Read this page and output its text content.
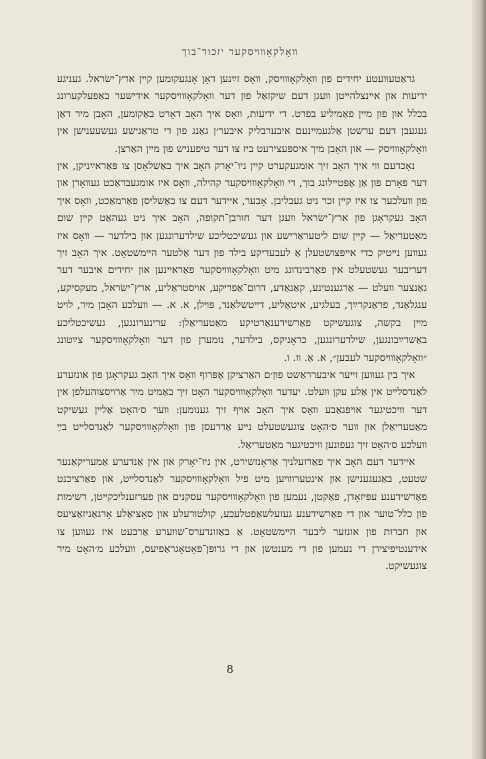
װאָלקאָװױסקער יזכור־בוך

גראַטעװעטע יחידים פון װאָלקאָװױסק, װאָס זײַנען דאָן אָנגעקומען קײן ארץ־ישׂראל. געניגע ידיעות און אײנצלהײטן װעגן דעם שיקזאַל פון דער װאָלקאָװױסקער אידישער באַפעלקערונג בכלל און פון מײן פאַמיליע בפרט. די ידיעות, װאָס איך האָב דאָרט באַקומען, האָבן מיר דאַן געגעבן דעם ערשטן אַלגעמײנעם איבערבליק איבער׳ן גאַנג פון די טראַגישע געשעענישן אין װאָלקאָװױסק — און האָבן מיך איספּעצירעט ביז צו דער טיפעניש פון מײן האַרצן.

נאָכדעם װי איך האָב זיך אומגעקערט קײן ניו־יאָרק האָב איך באַשלאָסן צו פּאַראײַניקן, אין דער פאָרם פון אַן אָפּטײלונג בוך, די װאָלקאָװױסקער קהילה, װאָס איז אומגעבראַכט געװאָרן און פון װעלכער צו איז קײן זכר ניט געבליבן. אָבער, איידער דעם צו באַשליסן פאַרמאַכט, װאָס איך האָב געקראָגן פון ארץ־ישׂראל װעגן דער חורבן־תקופה, האָב איך ניט געהאַט קײן שום מאַטעריאַל — קײן שום ליטעראַרישע און געשיכטליכע שילדערונגען און בילדער — װאָס איז געװען נײטיק כדי אײפּצושטעלן אַ לעבעדיקע בילד פון דער אַלטער הײמשטאָט. איך האָב זיך דעריבער געשטעלט אין פאַרבינדונג מיט װאָלקאָװױסקער פאַראײנען און יחידים איבער דער גאַנצער װעלט — אַרגענטינע, קאַנאַדע, דרום־אַפריקע, אױסטראַליע, ארץ־ישׂראל, מעקסיקע, ענגלאַנד, פראַנקרײַך, בעלגיע, איטאַליע, דײטשלאַנד, פּױלן, א. א. — װעלכע האָבן מיר, לױט מײן בקשה, צוגעשיקט פאַרשידענאַרטיקע מאַטעריאַלן: ערינערונגען, געשיכטליכע באַשרײַבונגען, שילדערונגען, כראָניקס, בילדער, נומערן פון דער װאָלקאָװױסקער צײַטונג ״װאָלקאָװױסקער לעבען״, א. אַ. װ. ו.

איך בין געװען זײער איבערראַשט פון׳ם האַרציקן אָפּרוף װאָס איך האָב געקראָגן פון אונזערע לאַנדסלײט אין אַלע עקן װעלט. יעדער װאָלקאָװױסקער האָט זיך באַמיט מיר אַרױסצוהעלפן אין דער װיכטיגער אױפגאַבע װאָס איך האָב אױף זיך גענומען: װער ס׳האָט אַלײן געשיקט מאַטעריאַלן און װער ס׳האָט צוגעשטעלט נײע אַדרעסן פון װאָלקאָװױסקער לאַנדסלײט בײַ װעלכע ס׳האָט זיך געפונען װיכטיגער מאַטעריאַל.

איידער דעם האָב איך פאַרזעלניך אַראָנזשירט, אין ניו־יאָרק און אין אַנדערע אַמעריקאַנער שטעט, באַגעגענישן און אינטערװױען מיט פיל װאָלקאָװױסקער לאַנדסלײט, און פאַרציכנט פאַרשידענע עפּיזאָדן, פאַקטן, נעמען פון װאָלקאָװױסקער עסקנים און פערזענליכקײטן, רשימות פון כלל־טוער און די פאַרשידענע געזעלשאַפטלעכע, קולטורעלע און סאָציאַלע אָרגאַניזאַציעס און חברות פון אונזער ליבער הײמשטאָט. אַ באַזונדערס־שװערע אַרבעט איז געװען צו אידענטיפיצירן די נעמען פון די מענטשן און די גרופּן־פאָטאָגראַפיעס, װעלכע מ׳האָט מיר צוגעשיקט.

8
